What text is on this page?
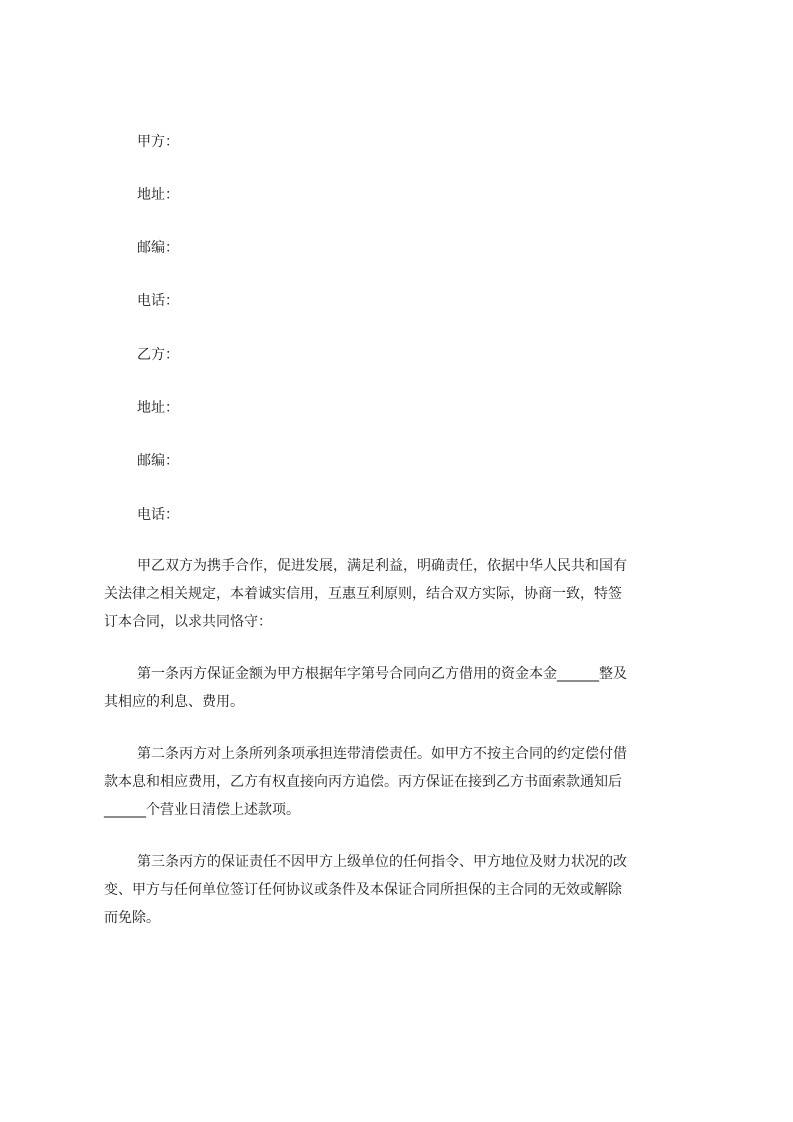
甲方：
地址：
邮编：
电话：
乙方：
地址：
邮编：
电话：
甲乙双方为携手合作，促进发展，满足利益，明确责任，依据中华人民共和国有
关法律之相关规定，本着诚实信用，互惠互利原则，结合双方实际，协商一致，特签
订本合同，以求共同恪守：
第一条丙方保证金额为甲方根据年字第号合同向乙方借用的资金本金______整及
其相应的利息、费用。
第二条丙方对上条所列条项承担连带清偿责任。如甲方不按主合同的约定偿付借
款本息和相应费用，乙方有权直接向丙方追偿。丙方保证在接到乙方书面索款通知后
______个营业日清偿上述款项。
第三条丙方的保证责任不因甲方上级单位的任何指令、甲方地位及财力状况的改
变、甲方与任何单位签订任何协议或条件及本保证合同所担保的主合同的无效或解除
而免除。
